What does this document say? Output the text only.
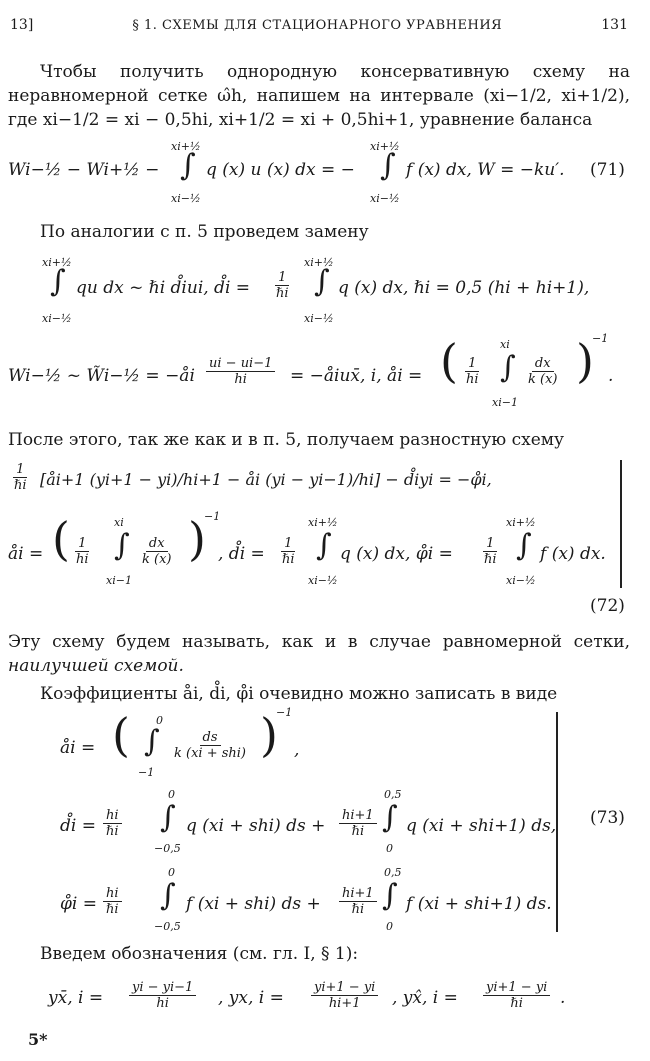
13]	§ 1. СХЕМЫ ДЛЯ СТАЦИОНАРНОГО УРАВНЕНИЯ	131
Чтобы получить однородную консервативную схему на неравномерной сетке ω̂h, напишем на интервале (xi−1/2, xi+1/2), где xi−1/2 = xi − 0,5hi, xi+1/2 = xi + 0,5hi+1, уравнение баланса
xi+½
Wi−½ − Wi+½ − ∫
xi−½
q (x) u (x) dx = −
xi+½
∫
xi−½
f (x) dx, W = −ku′. (71)
По аналогии с п. 5 проведем замену
xi+½
∫
xi−½
qu dx ~ ℏi d̊iui, d̊i =
1
ℏi
xi+½
∫
xi−½
q (x) dx, ℏi = 0,5 (hi + hi+1),
Wi−½ ~ W̃i−½ = −åi $\frac{ui - ui-1}{hi}$ = −åiux̄, i, åi = ( $\frac{1}{hi}$
xi
∫
xi−1
$\frac{dx}{k (x)}$ )
−1
.
После этого, так же как и в п. 5, получаем разностную схему
1
ℏi [åi+1 (yi+1 − yi)/hi+1 − åi (yi − yi−1)/hi] − d̊iyi = −φ̊i,
åi = ( $\frac{1}{hi}$
xi
∫
xi−1
$\frac{dx}{k (x)}$ )
−1
, d̊i =
1
ℏi
xi+½
∫
xi−½
q (x) dx, φ̊i =
1
ℏi
xi+½
∫
xi−½
f (x) dx.
(72)
Эту схему будем называть, как и в случае равномерной сетки, наилучшей схемой.
Коэффициенты åi, d̊i, φ̊i очевидно можно записать в виде
åi = ( 0
∫
−1
ds
k (xi + shi) )
−1
,
d̊i =
hi
ℏi
0
∫
−0,5
q (xi + shi) ds +
hi+1
ℏi
0,5
∫
0
q (xi + shi+1) ds,
φ̊i =
hi
ℏi
0
∫
−0,5
f (xi + shi) ds +
hi+1
ℏi
0,5
∫
0
f (xi + shi+1) ds.
(73)
Введем обозначения (см. гл. I, § 1):
yx̄, $i = \frac{yi - yi-1}{hi}$ , yx, $i = \frac{yi+1 - yi}{hi+1}$ , yx̂, i =
yi+1 − yi
ℏi .
5*
